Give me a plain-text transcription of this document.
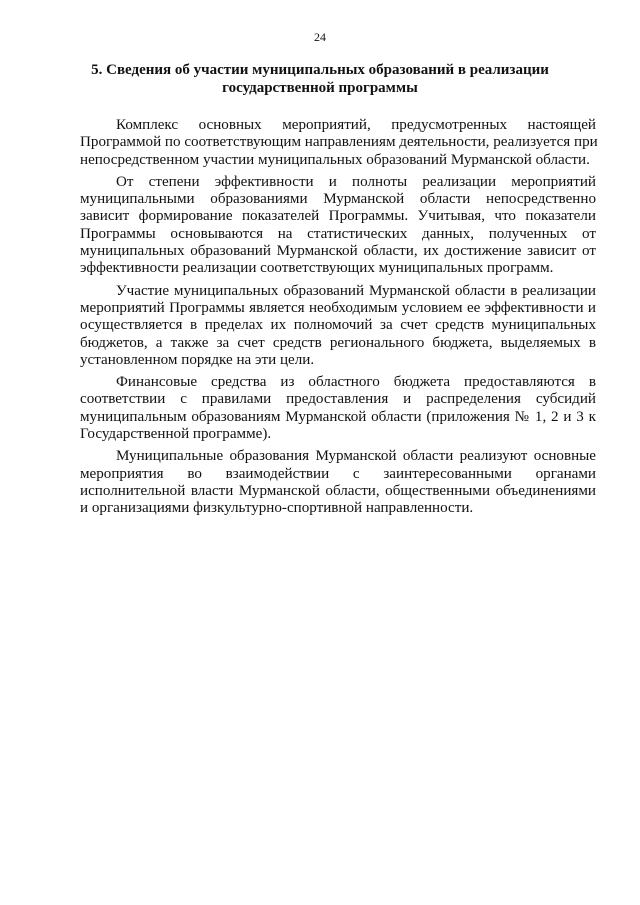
24
5. Сведения об участии муниципальных образований в реализации
государственной программы

Комплекс основных мероприятий, предусмотренных настоящей
Программой по соответствующим направлениям деятельности, реализуется при
непосредственном участии муниципальных образований Мурманской области.

От степени эффективности и полноты реализации мероприятий
муниципальными образованиями Мурманской области непосредственно
зависит формирование показателей Программы. Учитывая, что показатели
Программы основываются на статистических данных, полученных от
муниципальных образований Мурманской области, их достижение зависит от
эффективности реализации соответствующих муниципальных программ.

Участие муниципальных образований Мурманской области в реализации
мероприятий Программы является необходимым условием ее эффективности и
осуществляется в пределах их полномочий за счет средств муниципальных
бюджетов, а также за счет средств регионального бюджета, выделяемых в
установленном порядке на эти цели.

Финансовые средства из областного бюджета предоставляются в
соответствии с правилами предоставления и распределения субсидий
муниципальным образованиям Мурманской области (приложения № 1, 2 и 3 к
Государственной программе).

Муниципальные образования Мурманской области реализуют основные
мероприятия во взаимодействии с заинтересованными органами
исполнительной власти Мурманской области, общественными объединениями
и организациями физкультурно-спортивной направленности.
